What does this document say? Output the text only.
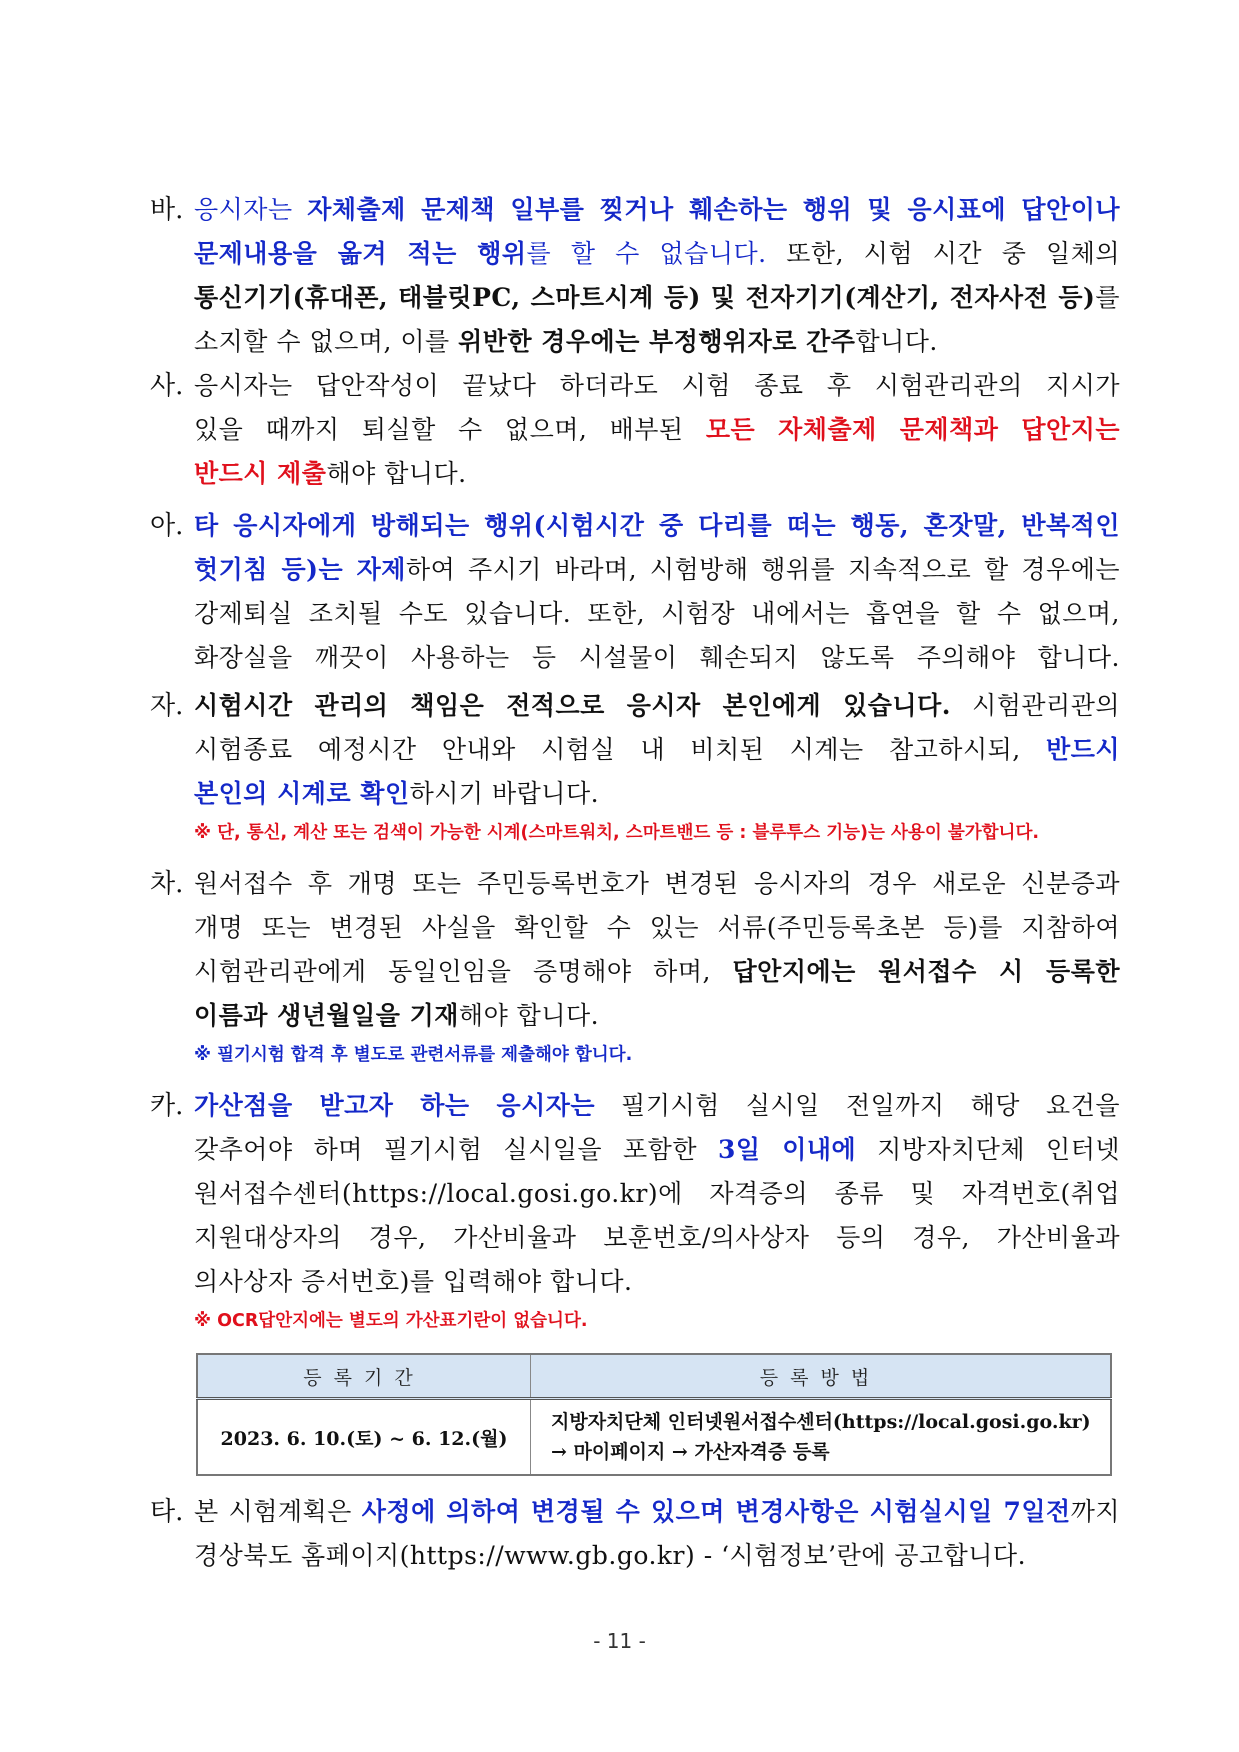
바. 응시자는 자체출제 문제책 일부를 찢거나 훼손하는 행위 및 응시표에 답안이나
문제내용을 옮겨 적는 행위를 할 수 없습니다. 또한, 시험 시간 중 일체의
통신기기(휴대폰, 태블릿PC, 스마트시계 등) 및 전자기기(계산기, 전자사전 등)를
소지할 수 없으며, 이를 위반한 경우에는 부정행위자로 간주합니다.
사. 응시자는 답안작성이 끝났다 하더라도 시험 종료 후 시험관리관의 지시가
있을 때까지 퇴실할 수 없으며, 배부된 모든 자체출제 문제책과 답안지는
반드시 제출해야 합니다.
아. 타 응시자에게 방해되는 행위(시험시간 중 다리를 떠는 행동, 혼잣말, 반복적인
헛기침 등)는 자제하여 주시기 바라며, 시험방해 행위를 지속적으로 할 경우에는
강제퇴실 조치될 수도 있습니다. 또한, 시험장 내에서는 흡연을 할 수 없으며,
화장실을 깨끗이 사용하는 등 시설물이 훼손되지 않도록 주의해야 합니다.
자. 시험시간 관리의 책임은 전적으로 응시자 본인에게 있습니다. 시험관리관의
시험종료 예정시간 안내와 시험실 내 비치된 시계는 참고하시되, 반드시
본인의 시계로 확인하시기 바랍니다.
※ 단, 통신, 계산 또는 검색이 가능한 시계(스마트워치, 스마트밴드 등 : 블루투스 기능)는 사용이 불가합니다.
차. 원서접수 후 개명 또는 주민등록번호가 변경된 응시자의 경우 새로운 신분증과
개명 또는 변경된 사실을 확인할 수 있는 서류(주민등록초본 등)를 지참하여
시험관리관에게 동일인임을 증명해야 하며, 답안지에는 원서접수 시 등록한
이름과 생년월일을 기재해야 합니다.
※ 필기시험 합격 후 별도로 관련서류를 제출해야 합니다.
카. 가산점을 받고자 하는 응시자는 필기시험 실시일 전일까지 해당 요건을
갖추어야 하며 필기시험 실시일을 포함한 3일 이내에 지방자치단체 인터넷
원서접수센터(https://local.gosi.go.kr)에 자격증의 종류 및 자격번호(취업
지원대상자의 경우, 가산비율과 보훈번호/의사상자 등의 경우, 가산비율과
의사상자 증서번호)를 입력해야 합니다.
※ OCR답안지에는 별도의 가산표기란이 없습니다.
등록기간	등록방법
2023. 6. 10.(토) ~ 6. 12.(월)	지방자치단체 인터넷원서접수센터(https://local.gosi.go.kr)
→ 마이페이지 → 가산자격증 등록
타. 본 시험계획은 사정에 의하여 변경될 수 있으며 변경사항은 시험실시일 7일전까지
경상북도 홈페이지(https://www.gb.go.kr) - ‘시험정보’란에 공고합니다.
- 11 -
